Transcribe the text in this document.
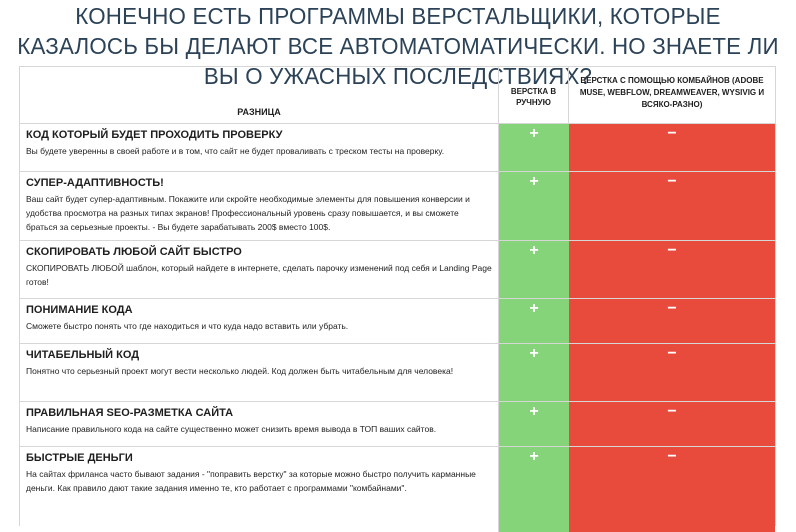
КОНЕЧНО ЕСТЬ ПРОГРАММЫ ВЕРСТАЛЬЩИКИ, КОТОРЫЕ КАЗАЛОСЬ БЫ ДЕЛАЮТ ВСЕ АВТОМАТОМАТИЧЕСКИ. НО ЗНАЕТЕ ЛИ ВЫ О УЖАСНЫХ ПОСЛЕДСТВИЯХ?
РАЗНИЦА
ВЕРСТКА В РУЧНУЮ
ВЕРСТКА С ПОМОЩЬЮ КОМБАЙНОВ (ADOBE MUSE, WEBFLOW, DREAMWEAVER, WYSIVIG И ВСЯКО-РАЗНО)
КОД КОТОРЫЙ БУДЕТ ПРОХОДИТЬ ПРОВЕРКУ
Вы будете уверенны в своей работе и в том, что сайт не будет проваливать с треском тесты на проверку.
+	−
СУПЕР-АДАПТИВНОСТЬ!
Ваш сайт будет супер-адаптивным. Покажите или скройте необходимые элементы для повышения конверсии и удобства просмотра на разных типах экранов! Профессиональный уровень сразу повышается, и вы сможете браться за серьезные проекты. - Вы будете зарабатывать 200$ вместо 100$.
+	−
СКОПИРОВАТЬ ЛЮБОЙ САЙТ БЫСТРО
СКОПИРОВАТЬ ЛЮБОЙ шаблон, который найдете в интернете, сделать парочку изменений под себя и Landing Page готов!
+	−
ПОНИМАНИЕ КОДА
Сможете быстро понять что где находиться и что куда надо вставить или убрать.
+	−
ЧИТАБЕЛЬНЫЙ КОД
Понятно что серьезный проект могут вести несколько людей. Код должен быть читабельным для человека!
+	−
ПРАВИЛЬНАЯ SEO-РАЗМЕТКА САЙТА
Написание правильного кода на сайте существенно может снизить время вывода в ТОП ваших сайтов.
+	−
БЫСТРЫЕ ДЕНЬГИ
На сайтах фриланса часто бывают задания - "поправить верстку" за которые можно быстро получить карманные деньги. Как правило дают такие задания именно те, кто работает с программами "комбайнами".
+	−
